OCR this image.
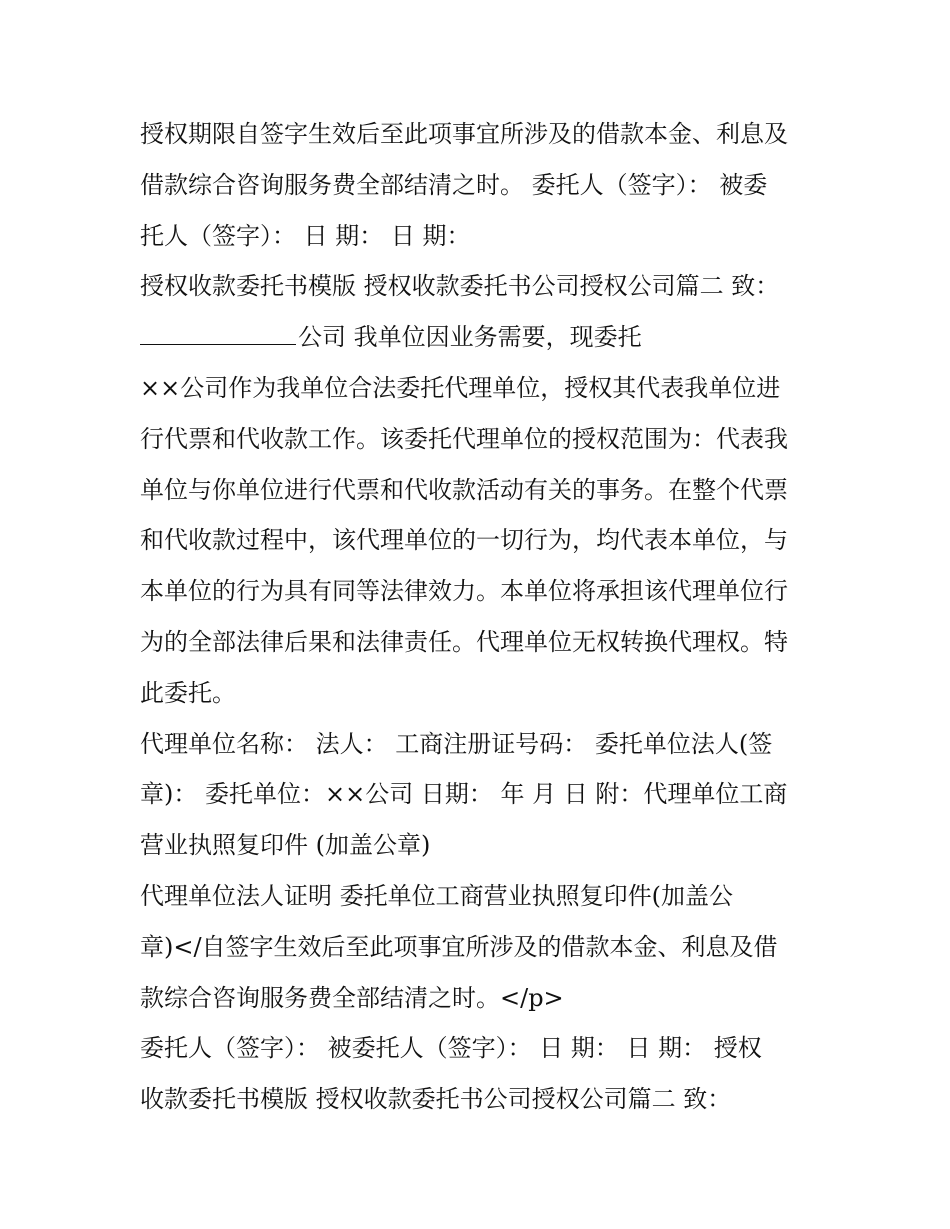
授权期限自签字生效后至此项事宜所涉及的借款本金、利息及
借款综合咨询服务费全部结清之时。 委托人（签字）： 被委
托人（签字）： 日 期： 日 期：
授权收款委托书模版 授权收款委托书公司授权公司篇二 致：
公司 我单位因业务需要，现委托
××公司作为我单位合法委托代理单位，授权其代表我单位进
行代票和代收款工作。该委托代理单位的授权范围为：代表我
单位与你单位进行代票和代收款活动有关的事务。在整个代票
和代收款过程中，该代理单位的一切行为，均代表本单位，与
本单位的行为具有同等法律效力。本单位将承担该代理单位行
为的全部法律后果和法律责任。代理单位无权转换代理权。特
此委托。
代理单位名称： 法人： 工商注册证号码： 委托单位法人(签
章)： 委托单位：××公司 日期： 年 月 日 附：代理单位工商
营业执照复印件 (加盖公章)
代理单位法人证明 委托单位工商营业执照复印件(加盖公
章)</自签字生效后至此项事宜所涉及的借款本金、利息及借
款综合咨询服务费全部结清之时。</p>
委托人（签字）： 被委托人（签字）： 日 期： 日 期： 授权
收款委托书模版 授权收款委托书公司授权公司篇二 致：
